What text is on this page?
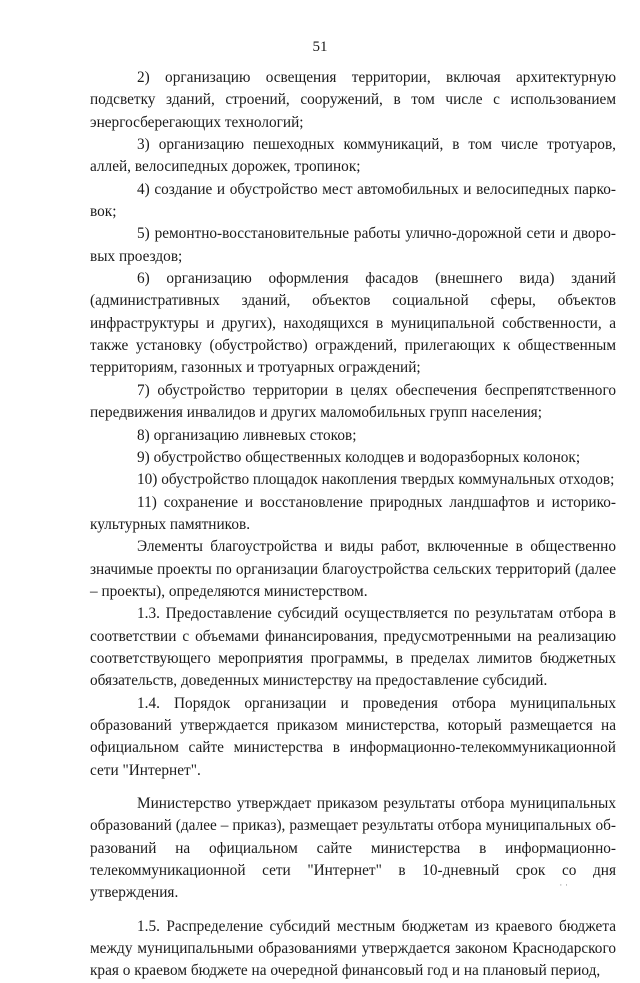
51

2) организацию освещения территории, включая архитектурную подсветку зданий, строений, сооружений, в том числе с использованием энергосберегающих технологий;

3) организацию пешеходных коммуникаций, в том числе тротуаров, аллей, велосипедных дорожек, тропинок;

4) создание и обустройство мест автомобильных и велосипедных парковок;

5) ремонтно-восстановительные работы улично-дорожной сети и дворовых проездов;

6) организацию оформления фасадов (внешнего вида) зданий (административных зданий, объектов социальной сферы, объектов инфраструктуры и других), находящихся в муниципальной собственности, а также установку (обустройство) ограждений, прилегающих к общественным территориям, газонных и тротуарных ограждений;

7) обустройство территории в целях обеспечения беспрепятственного передвижения инвалидов и других маломобильных групп населения;

8) организацию ливневых стоков;

9) обустройство общественных колодцев и водоразборных колонок;

10) обустройство площадок накопления твердых коммунальных отходов;

11) сохранение и восстановление природных ландшафтов и историко-культурных памятников.

Элементы благоустройства и виды работ, включенные в общественно значимые проекты по организации благоустройства сельских территорий (далее – проекты), определяются министерством.

1.3. Предоставление субсидий осуществляется по результатам отбора в соответствии с объемами финансирования, предусмотренными на реализацию соответствующего мероприятия программы, в пределах лимитов бюджетных обязательств, доведенных министерству на предоставление субсидий.

1.4. Порядок организации и проведения отбора муниципальных образований утверждается приказом министерства, который размещается на официальном сайте министерства в информационно-телекоммуникационной сети "Интернет".

Министерство утверждает приказом результаты отбора муниципальных образований (далее – приказ), размещает результаты отбора муниципальных образований на официальном сайте министерства в информационно-телекоммуникационной сети "Интернет" в 10-дневный срок со дня утверждения.

1.5. Распределение субсидий местным бюджетам из краевого бюджета между муниципальными образованиями утверждается законом Краснодарского края о краевом бюджете на очередной финансовый год и на плановый период,

· ·
